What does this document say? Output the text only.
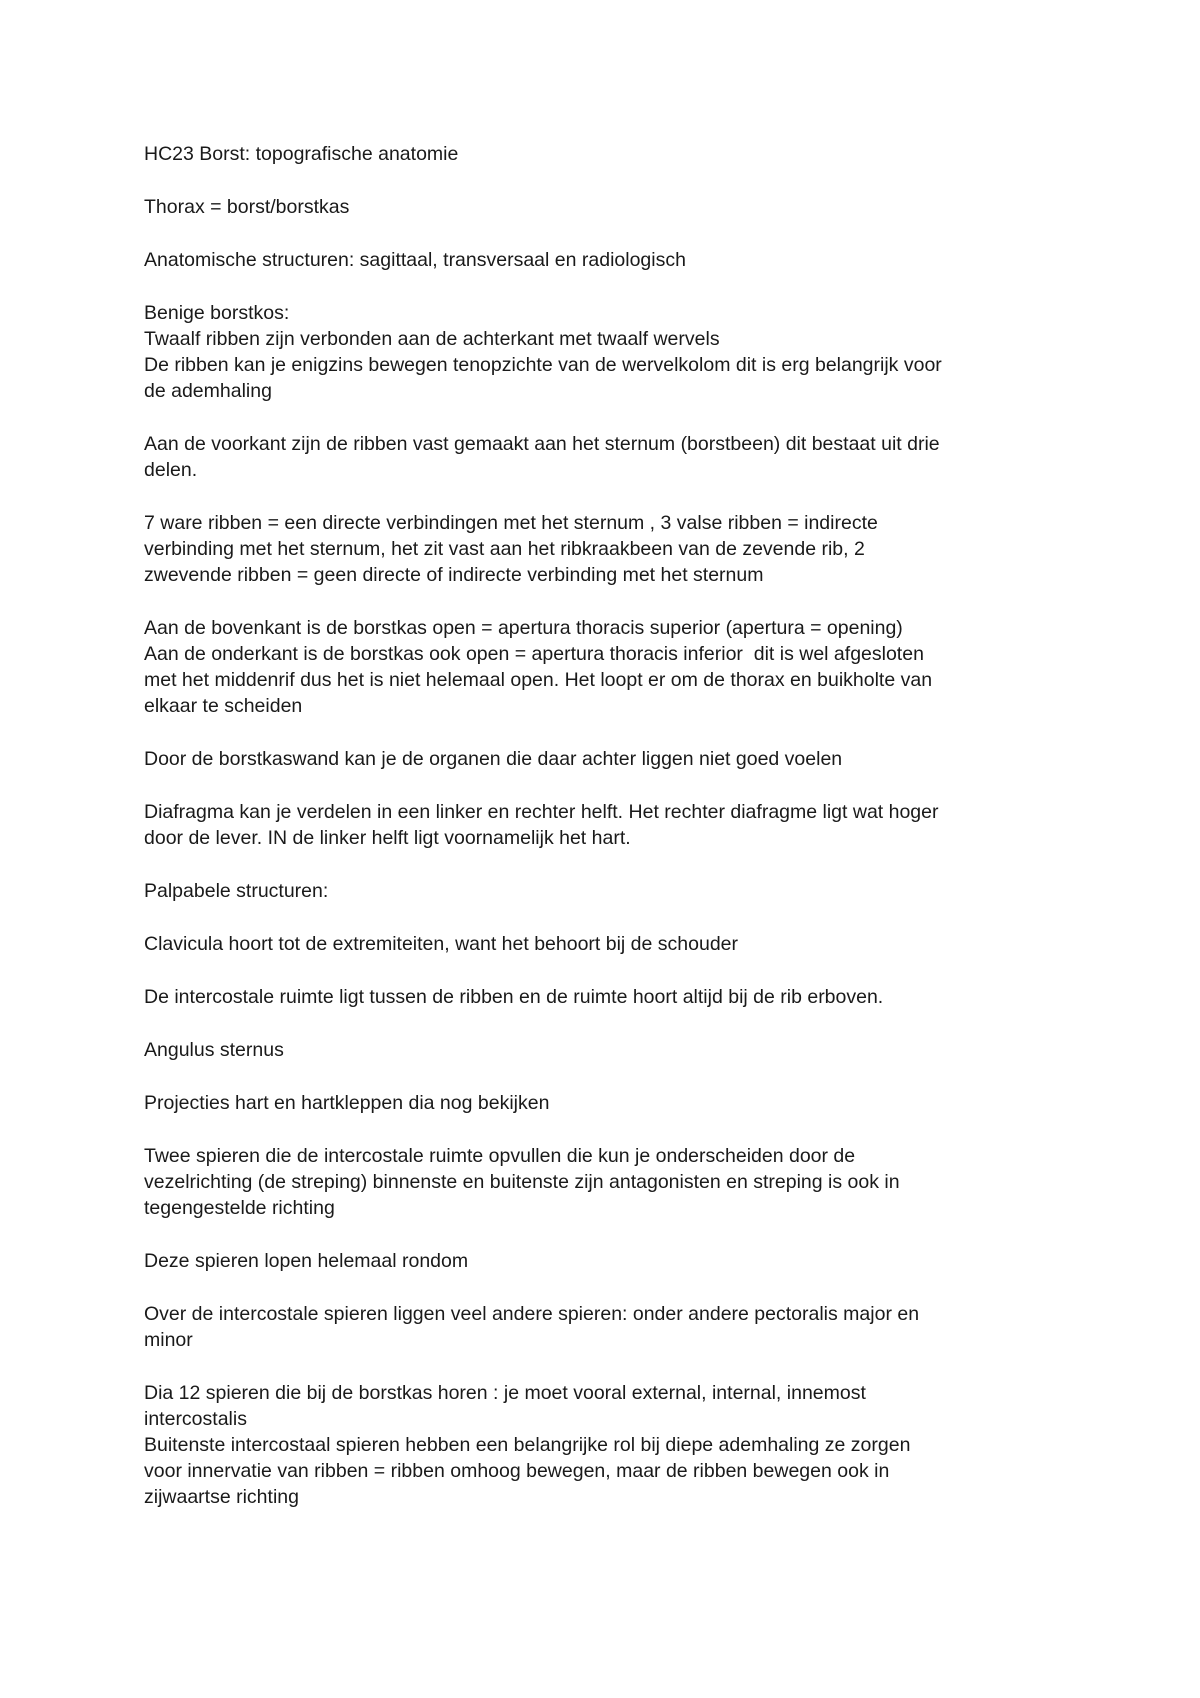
HC23 Borst: topografische anatomie
Thorax = borst/borstkas
Anatomische structuren: sagittaal, transversaal en radiologisch
Benige borstkos:
Twaalf ribben zijn verbonden aan de achterkant met twaalf wervels
De ribben kan je enigzins bewegen tenopzichte van de wervelkolom dit is erg belangrijk voor
de ademhaling
Aan de voorkant zijn de ribben vast gemaakt aan het sternum (borstbeen) dit bestaat uit drie
delen.
7 ware ribben = een directe verbindingen met het sternum , 3 valse ribben = indirecte
verbinding met het sternum, het zit vast aan het ribkraakbeen van de zevende rib, 2
zwevende ribben = geen directe of indirecte verbinding met het sternum
Aan de bovenkant is de borstkas open = apertura thoracis superior (apertura = opening)
Aan de onderkant is de borstkas ook open = apertura thoracis inferior  dit is wel afgesloten
met het middenrif dus het is niet helemaal open. Het loopt er om de thorax en buikholte van
elkaar te scheiden
Door de borstkaswand kan je de organen die daar achter liggen niet goed voelen
Diafragma kan je verdelen in een linker en rechter helft. Het rechter diafragme ligt wat hoger
door de lever. IN de linker helft ligt voornamelijk het hart.
Palpabele structuren:
Clavicula hoort tot de extremiteiten, want het behoort bij de schouder
De intercostale ruimte ligt tussen de ribben en de ruimte hoort altijd bij de rib erboven.
Angulus sternus
Projecties hart en hartkleppen dia nog bekijken
Twee spieren die de intercostale ruimte opvullen die kun je onderscheiden door de
vezelrichting (de streping) binnenste en buitenste zijn antagonisten en streping is ook in
tegengestelde richting
Deze spieren lopen helemaal rondom
Over de intercostale spieren liggen veel andere spieren: onder andere pectoralis major en
minor
Dia 12 spieren die bij de borstkas horen : je moet vooral external, internal, innemost
intercostalis
Buitenste intercostaal spieren hebben een belangrijke rol bij diepe ademhaling ze zorgen
voor innervatie van ribben = ribben omhoog bewegen, maar de ribben bewegen ook in
zijwaartse richting
